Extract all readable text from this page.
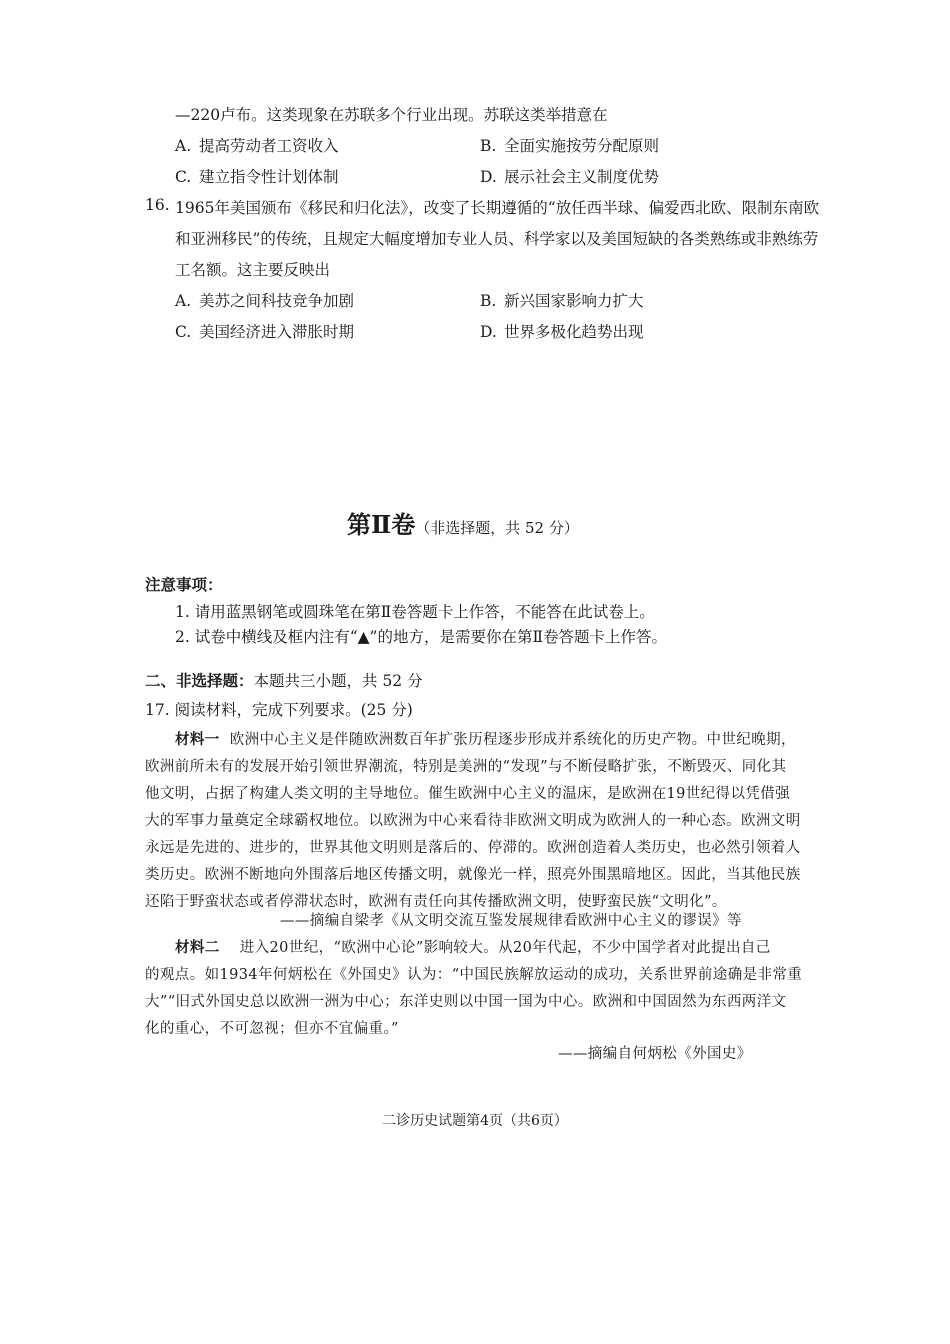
—220卢布。这类现象在苏联多个行业出现。苏联这类举措意在
A. 提高劳动者工资收入	B. 全面实施按劳分配原则
C. 建立指令性计划体制	D. 展示社会主义制度优势
16. 1965年美国颁布《移民和归化法》，改变了长期遵循的“放任西半球、偏爱西北欧、限制东南欧
和亚洲移民”的传统，且规定大幅度增加专业人员、科学家以及美国短缺的各类熟练或非熟练劳
工名额。这主要反映出
A. 美苏之间科技竞争加剧	B. 新兴国家影响力扩大
C. 美国经济进入滞胀时期	D. 世界多极化趋势出现
第Ⅱ卷（非选择题，共 52 分）
注意事项：
1. 请用蓝黑钢笔或圆珠笔在第Ⅱ卷答题卡上作答，不能答在此试卷上。
2. 试卷中横线及框内注有“▲”的地方，是需要你在第Ⅱ卷答题卡上作答。
二、非选择题：本题共三小题，共 52 分
17. 阅读材料，完成下列要求。(25 分)
材料一 欧洲中心主义是伴随欧洲数百年扩张历程逐步形成并系统化的历史产物。中世纪晚期，
欧洲前所未有的发展开始引领世界潮流，特别是美洲的“发现”与不断侵略扩张，不断毁灭、同化其
他文明，占据了构建人类文明的主导地位。催生欧洲中心主义的温床，是欧洲在19世纪得以凭借强
大的军事力量奠定全球霸权地位。以欧洲为中心来看待非欧洲文明成为欧洲人的一种心态。欧洲文明
永远是先进的、进步的，世界其他文明则是落后的、停滞的。欧洲创造着人类历史，也必然引领着人
类历史。欧洲不断地向外围落后地区传播文明，就像光一样，照亮外围黑暗地区。因此，当其他民族
还陷于野蛮状态或者停滞状态时，欧洲有责任向其传播欧洲文明，使野蛮民族“文明化”。
——摘编自梁孝《从文明交流互鉴发展规律看欧洲中心主义的谬误》等
材料二 进入20世纪，“欧洲中心论”影响较大。从20年代起，不少中国学者对此提出自己
的观点。如1934年何炳松在《外国史》认为：“中国民族解放运动的成功，关系世界前途确是非常重
大”“旧式外国史总以欧洲一洲为中心；东洋史则以中国一国为中心。欧洲和中国固然为东西两洋文
化的重心，不可忽视；但亦不宜偏重。”
——摘编自何炳松《外国史》
二诊历史试题第4页（共6页）
